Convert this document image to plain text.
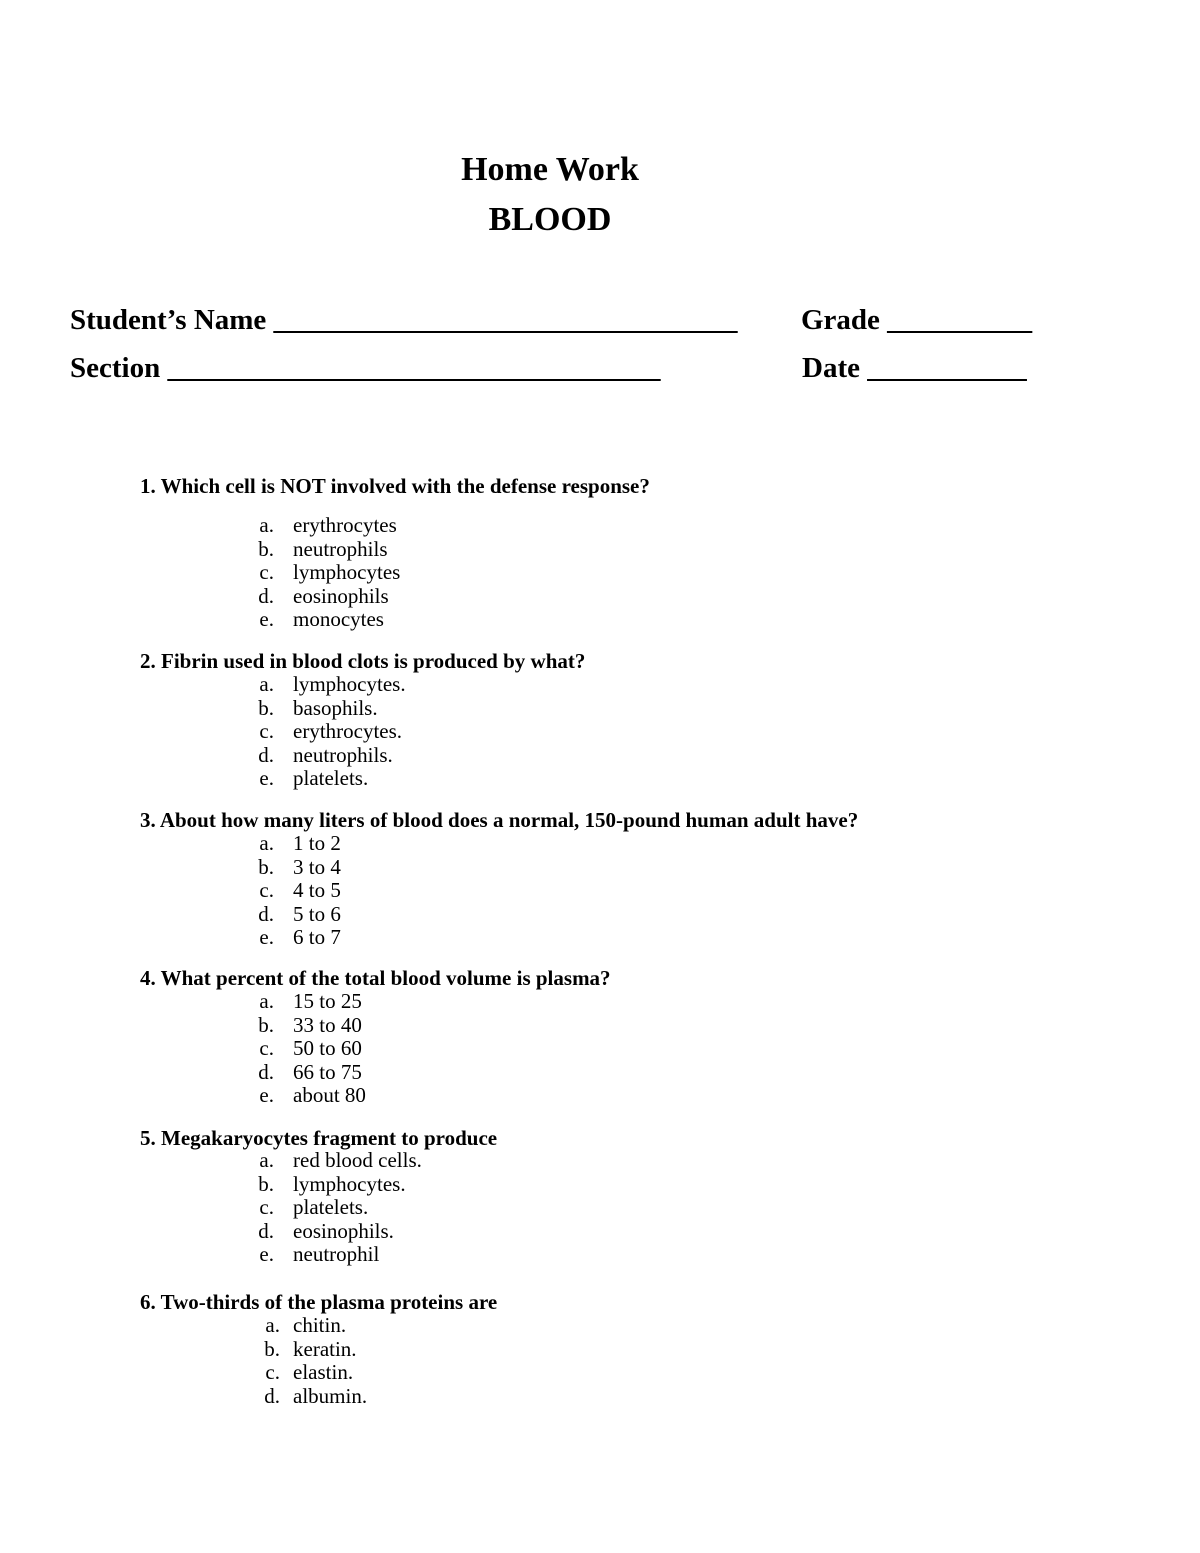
Home Work
BLOOD

Student’s Name ________________________________

Grade __________

Section __________________________________

	Date ___________

1. Which cell is NOT involved with the defense response?
a. erythrocytes
b. neutrophils
c. lymphocytes
d. eosinophils
e. monocytes
2. Fibrin used in blood clots is produced by what?
a. lymphocytes.
b. basophils.
c. erythrocytes.
d. neutrophils.
e. platelets.
3. About how many liters of blood does a normal, 150-pound human adult have?
a. 1 to 2
b. 3 to 4
c. 4 to 5
d. 5 to 6
e. 6 to 7
4. What percent of the total blood volume is plasma?
a. 15 to 25
b. 33 to 40
c. 50 to 60
d. 66 to 75
e. about 80
5. Megakaryocytes fragment to produce
a. red blood cells.
b. lymphocytes.
c. platelets.
d. eosinophils.
e. neutrophil
6. Two-thirds of the plasma proteins are
a. chitin.
b. keratin.
c. elastin.
d. albumin.
